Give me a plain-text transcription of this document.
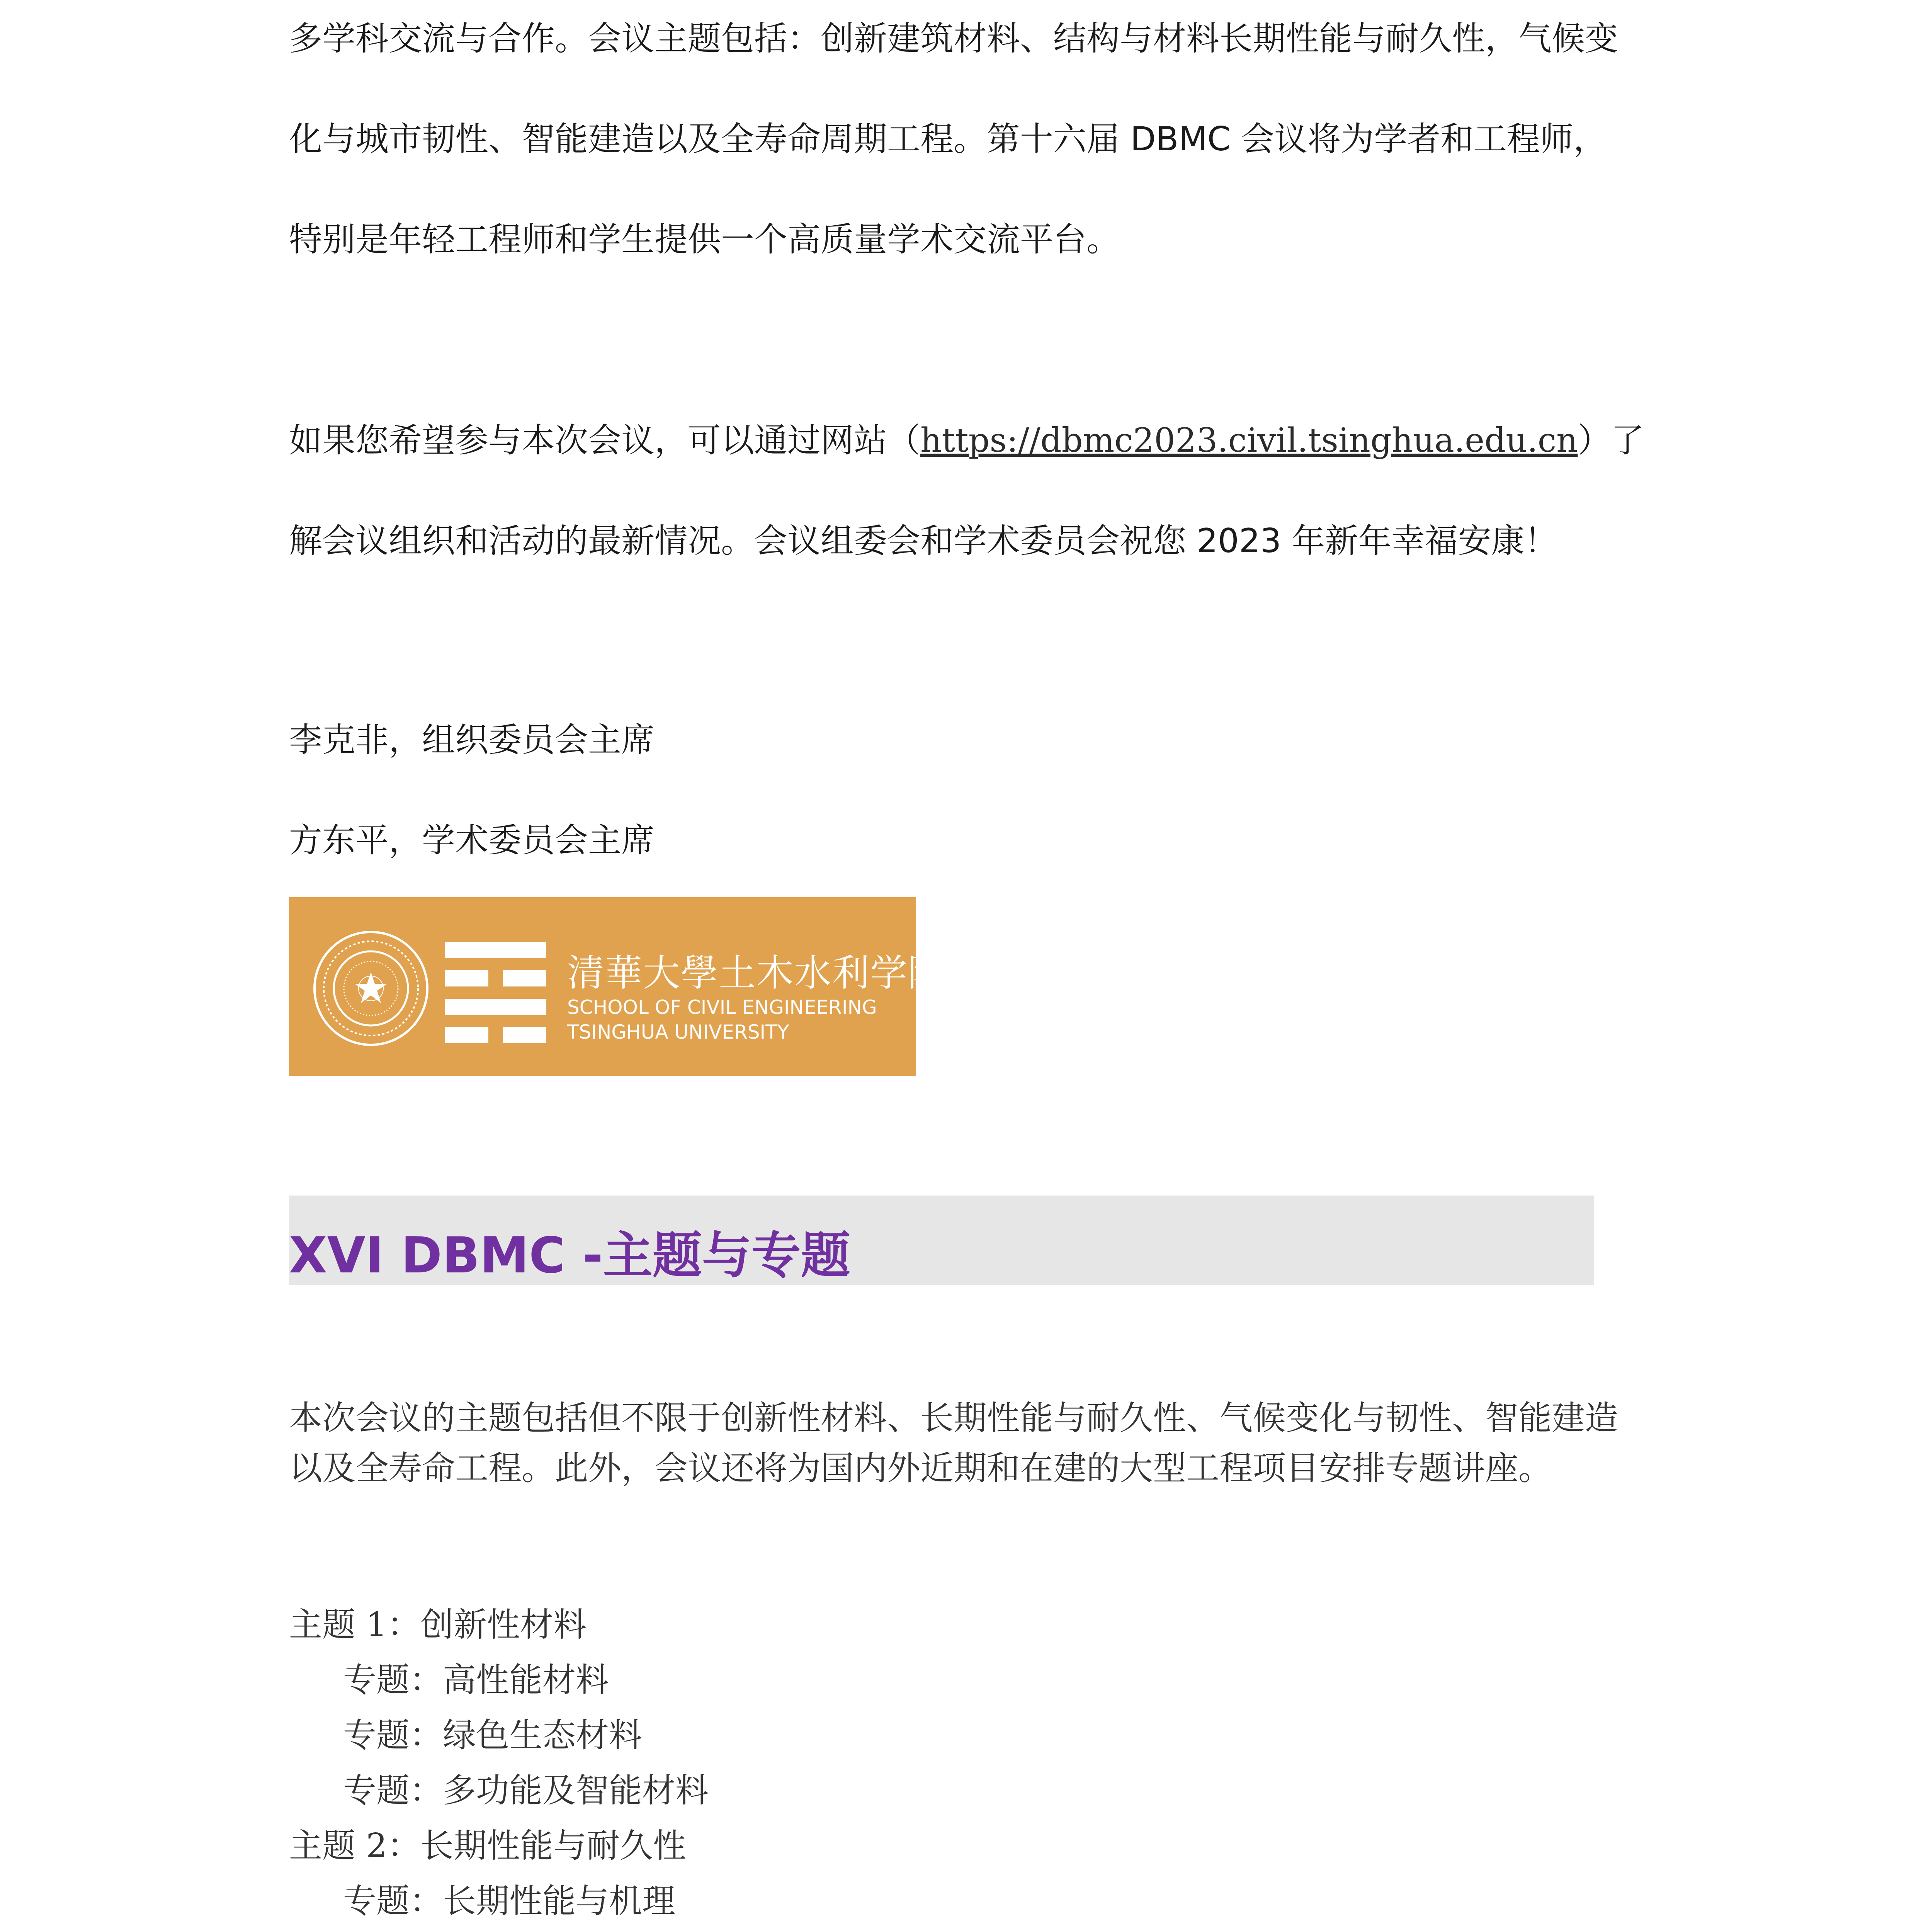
多学科交流与合作。会议主题包括：创新建筑材料、结构与材料长期性能与耐久性，气候变

化与城市韧性、智能建造以及全寿命周期工程。第十六届 DBMC 会议将为学者和工程师，

特别是年轻工程师和学生提供一个高质量学术交流平台。

如果您希望参与本次会议，可以通过网站（https://dbmc2023.civil.tsinghua.edu.cn）了

解会议组织和活动的最新情况。会议组委会和学术委员会祝您 2023 年新年幸福安康！

李克非，组织委员会主席
方东平，学术委员会主席
清華大學土木水利学院
SCHOOL OF CIVIL ENGINEERING
TSINGHUA UNIVERSITY
XVI DBMC -主题与专题
本次会议的主题包括但不限于创新性材料、长期性能与耐久性、气候变化与韧性、智能建造以及全寿命工程。此外，会议还将为国内外近期和在建的大型工程项目安排专题讲座。
主题 1：创新性材料
专题：高性能材料
专题：绿色生态材料
专题：多功能及智能材料
主题 2：长期性能与耐久性
专题：长期性能与机理
